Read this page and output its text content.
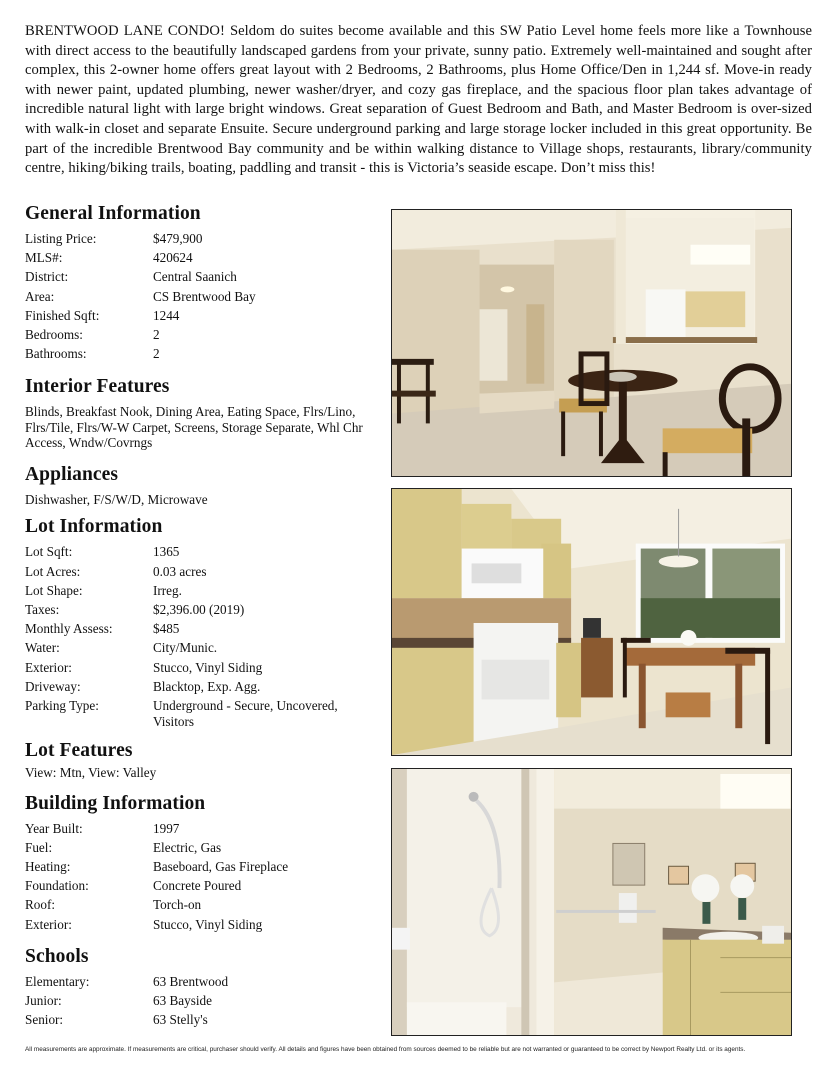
BRENTWOOD LANE CONDO! Seldom do suites become available and this SW Patio Level home feels more like a Townhouse with direct access to the beautifully landscaped gardens from your private, sunny patio. Extremely well-maintained and sought after complex, this 2-owner home offers great layout with 2 Bedrooms, 2 Bathrooms, plus Home Office/Den in 1,244 sf. Move-in ready with newer paint, updated plumbing, newer washer/dryer, and cozy gas fireplace, and the spacious floor plan takes advantage of incredible natural light with large bright windows. Great separation of Guest Bedroom and Bath, and Master Bedroom is over-sized with walk-in closet and separate Ensuite. Secure underground parking and large storage locker included in this great opportunity. Be part of the incredible Brentwood Bay community and be within walking distance to Village shops, restaurants, library/community centre, hiking/biking trails, boating, paddling and transit - this is Victoria’s seaside escape. Don’t miss this!
General Information
Listing Price:	$479,900
MLS#:	420624
District:	Central Saanich
Area:	CS Brentwood Bay
Finished Sqft:	1244
Bedrooms:	2
Bathrooms:	2
Interior Features
Blinds, Breakfast Nook, Dining Area, Eating Space, Flrs/Lino, Flrs/Tile, Flrs/W-W Carpet, Screens, Storage Separate, Whl Chr Access, Wndw/Covrngs
Appliances
Dishwasher, F/S/W/D, Microwave
Lot Information
Lot Sqft:	1365
Lot Acres:	0.03 acres
Lot Shape:	Irreg.
Taxes:	$2,396.00 (2019)
Monthly Assess:	$485
Water:	City/Munic.
Exterior:	Stucco, Vinyl Siding
Driveway:	Blacktop, Exp. Agg.
Parking Type:	Underground - Secure, Uncovered, Visitors
Lot Features
View: Mtn, View: Valley
Building Information
Year Built:	1997
Fuel:	Electric, Gas
Heating:	Baseboard, Gas Fireplace
Foundation:	Concrete Poured
Roof:	Torch-on
Exterior:	Stucco, Vinyl Siding
Schools
Elementary:	63 Brentwood
Junior:	63 Bayside
Senior:	63 Stelly's
All measurements are approximate. If measurements are critical, purchaser should verify. All details and figures have been obtained from sources deemed to be reliable but are not warranted or guaranteed to be correct by Newport Realty Ltd. or its agents.
